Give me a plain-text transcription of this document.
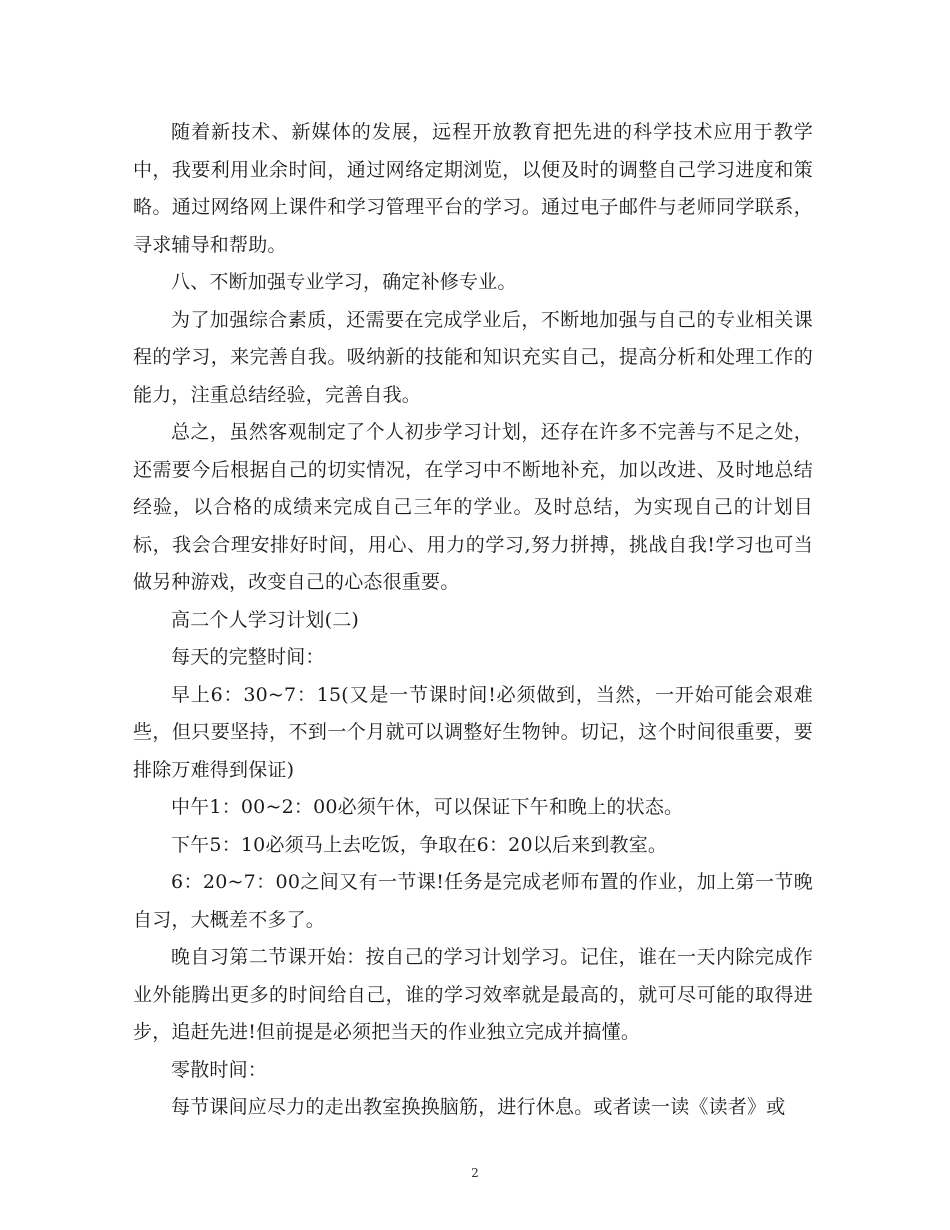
随着新技术、新媒体的发展，远程开放教育把先进的科学技术应用于教学中，我要利用业余时间，通过网络定期浏览，以便及时的调整自己学习进度和策略。通过网络网上课件和学习管理平台的学习。通过电子邮件与老师同学联系，寻求辅导和帮助。

八、不断加强专业学习，确定补修专业。

为了加强综合素质，还需要在完成学业后，不断地加强与自己的专业相关课程的学习，来完善自我。吸纳新的技能和知识充实自己，提高分析和处理工作的能力，注重总结经验，完善自我。

总之，虽然客观制定了个人初步学习计划，还存在许多不完善与不足之处，还需要今后根据自己的切实情况，在学习中不断地补充，加以改进、及时地总结经验，以合格的成绩来完成自己三年的学业。及时总结，为实现自己的计划目标，我会合理安排好时间，用心、用力的学习,努力拼搏，挑战自我!学习也可当做另种游戏，改变自己的心态很重要。

高二个人学习计划(二)

每天的完整时间：

早上6：30~7：15(又是一节课时间!必须做到，当然，一开始可能会艰难些，但只要坚持，不到一个月就可以调整好生物钟。切记，这个时间很重要，要排除万难得到保证)

中午1：00~2：00必须午休，可以保证下午和晚上的状态。

下午5：10必须马上去吃饭，争取在6：20以后来到教室。

6：20~7：00之间又有一节课!任务是完成老师布置的作业，加上第一节晚自习，大概差不多了。

晚自习第二节课开始：按自己的学习计划学习。记住，谁在一天内除完成作业外能腾出更多的时间给自己，谁的学习效率就是最高的，就可尽可能的取得进步，追赶先进!但前提是必须把当天的作业独立完成并搞懂。

零散时间：

每节课间应尽力的走出教室换换脑筋，进行休息。或者读一读《读者》或

2
